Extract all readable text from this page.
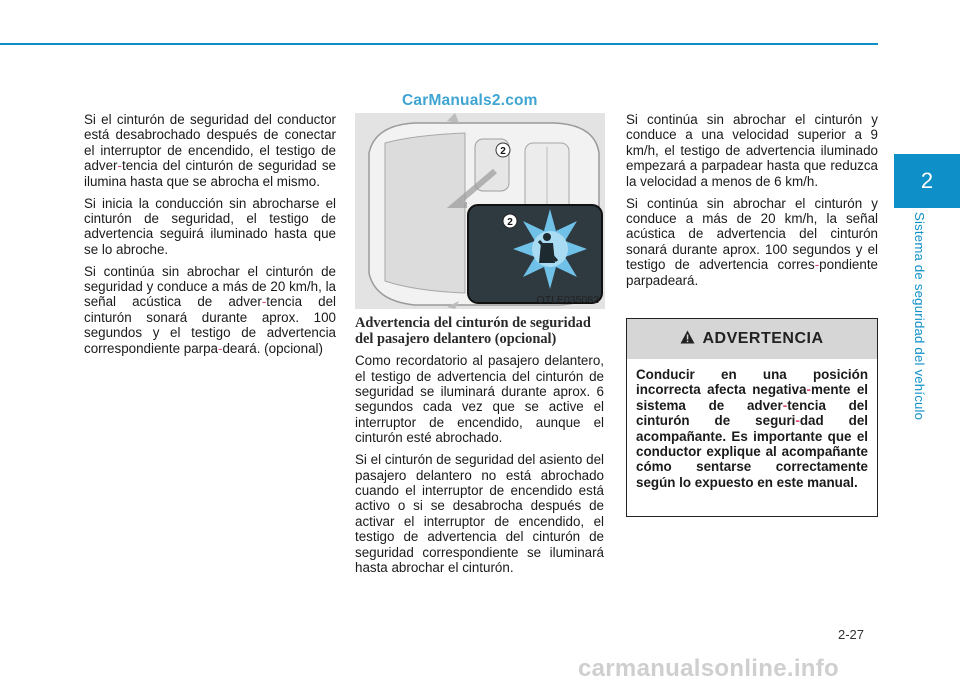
2
Sistema de seguridad del vehículo
CarManuals2.com

Si el cinturón de seguridad del conductor está desabrochado después de conectar el interruptor de encendido, el testigo de adver-tencia del cinturón de seguridad se ilumina hasta que se abrocha el mismo.

Si inicia la conducción sin abrocharse el cinturón de seguridad, el testigo de advertencia seguirá iluminado hasta que se lo abroche.

Si continúa sin abrochar el cinturón de seguridad y conduce a más de 20 km/h, la señal acústica de adver-tencia del cinturón sonará durante aprox. 100 segundos y el testigo de advertencia correspondiente parpa-deará. (opcional)

2
2
OTLE035082
Advertencia del cinturón de seguridad del pasajero delantero (opcional)

Como recordatorio al pasajero delantero, el testigo de advertencia del cinturón de seguridad se iluminará durante aprox. 6 segundos cada vez que se active el interruptor de encendido, aunque el cinturón esté abrochado.

Si el cinturón de seguridad del asiento del pasajero delantero no está abrochado cuando el interruptor de encendido está activo o si se desabrocha después de activar el interruptor de encendido, el testigo de advertencia del cinturón de seguridad correspondiente se iluminará hasta abrochar el cinturón.

Si continúa sin abrochar el cinturón y conduce a una velocidad superior a 9 km/h, el testigo de advertencia iluminado empezará a parpadear hasta que reduzca la velocidad a menos de 6 km/h.

Si continúa sin abrochar el cinturón y conduce a más de 20 km/h, la señal acústica de advertencia del cinturón sonará durante aprox. 100 segundos y el testigo de advertencia corres-pondiente parpadeará.

ADVERTENCIA
Conducir en una posición incorrecta afecta negativa-mente el sistema de adver-tencia del cinturón de seguri-dad del acompañante. Es importante que el conductor explique al acompañante cómo sentarse correctamente según lo expuesto en este manual.
2-27
carmanualsonline.info
